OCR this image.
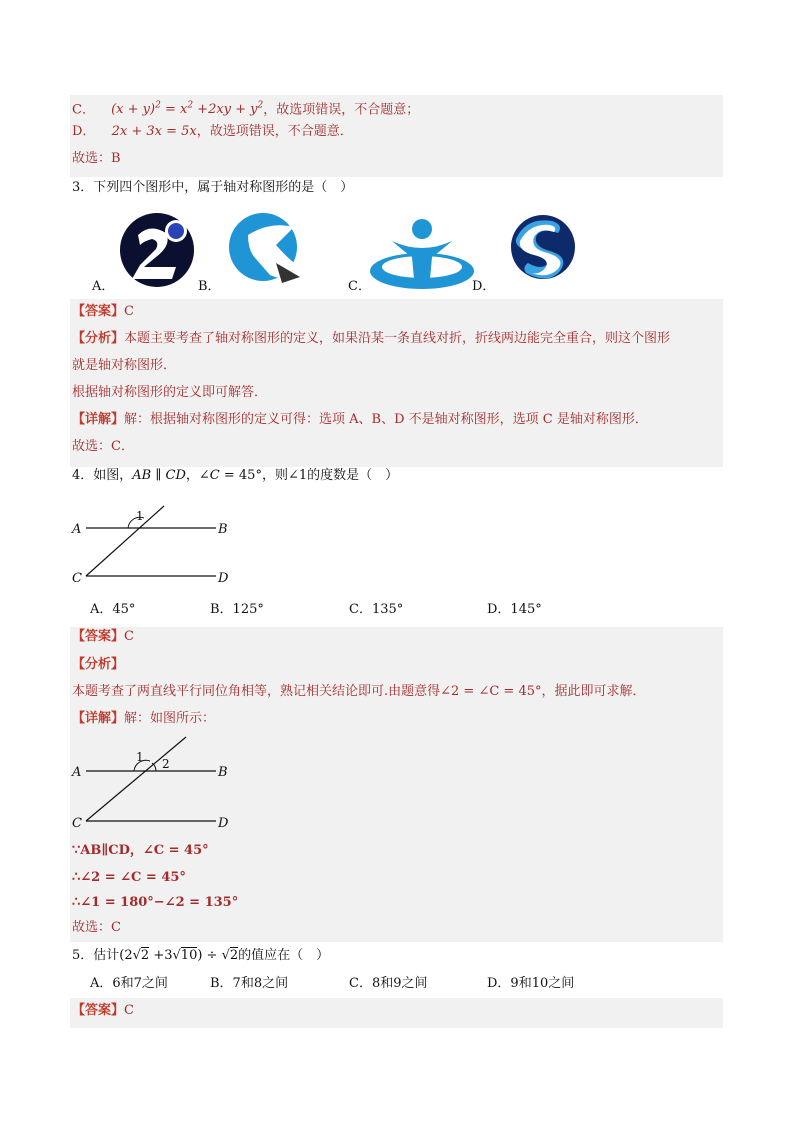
C． $(x + y)^2 = x^2 +2xy + y^2$，故选项错误，不合题意；
D． 2x + 3x = 5x，故选项错误，不合题意．
故选：B
3．下列四个图形中，属于轴对称图形的是（　）
A．	B．	C．	D．
【答案】C
【分析】本题主要考查了轴对称图形的定义，如果沿某一条直线对折，折线两边能完全重合，则这个图形
就是轴对称图形．
根据轴对称图形的定义即可解答．
【详解】解：根据轴对称图形的定义可得：选项 A、B、D 不是轴对称图形，选项 C 是轴对称图形．
故选：C．
4．如图，AB ∥ CD，∠C = 45°，则∠1的度数是（　）
A	B
C	D
1
A．45°	B．125°	C．135°	D．145°
【答案】C
【分析】
本题考查了两直线平行同位角相等，熟记相关结论即可.由题意得∠2 = ∠C = 45°，据此即可求解．
【详解】解：如图所示：
A	B
C	D
1 2
∵AB∥CD，∠C = 45°
∴∠2 = ∠C = 45°
∴∠1 = 180°−∠2 = 135°
故选：C
5．估计(2√2 +3√10) ÷ √2的值应在（　）
A．6和7之间	B．7和8之间	C．8和9之间	D．9和10之间
【答案】C
